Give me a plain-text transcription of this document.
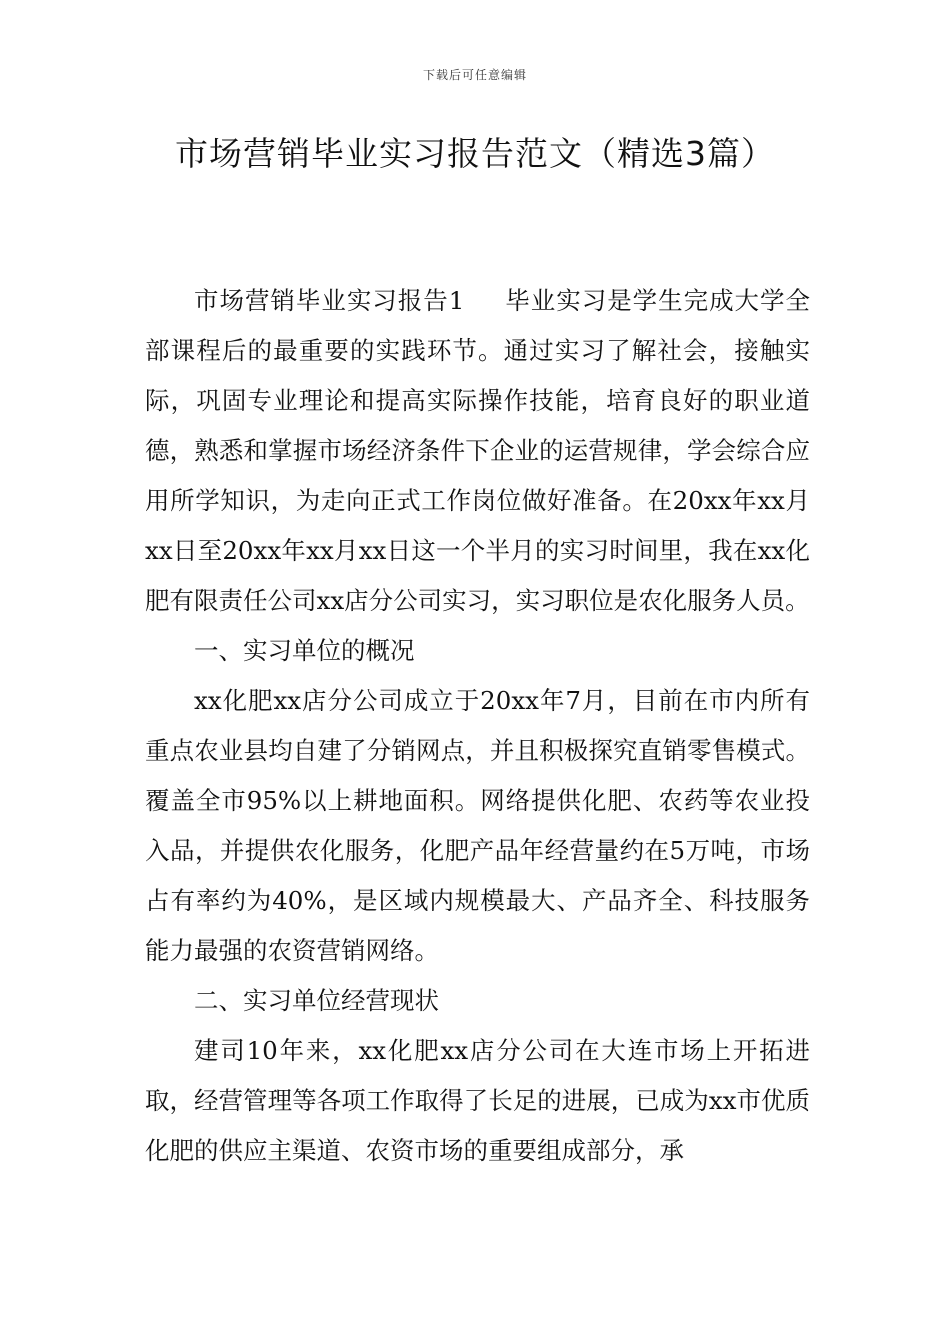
下载后可任意编辑
市场营销毕业实习报告范文（精选3篇）

市场营销毕业实习报告1 毕业实习是学生完成大学全部课程后的最重要的实践环节。通过实习了解社会，接触实际，巩固专业理论和提高实际操作技能，培育良好的职业道德，熟悉和掌握市场经济条件下企业的运营规律，学会综合应用所学知识，为走向正式工作岗位做好准备。在20xx年xx月xx日至20xx年xx月xx日这一个半月的实习时间里，我在xx化肥有限责任公司xx店分公司实习，实习职位是农化服务人员。

一、实习单位的概况

xx化肥xx店分公司成立于20xx年7月，目前在市内所有重点农业县均自建了分销网点，并且积极探究直销零售模式。覆盖全市95%以上耕地面积。网络提供化肥、农药等农业投入品，并提供农化服务，化肥产品年经营量约在5万吨，市场占有率约为40%，是区域内规模最大、产品齐全、科技服务能力最强的农资营销网络。

二、实习单位经营现状

建司10年来，xx化肥xx店分公司在大连市场上开拓进取，经营管理等各项工作取得了长足的进展，已成为xx市优质化肥的供应主渠道、农资市场的重要组成部分，承
